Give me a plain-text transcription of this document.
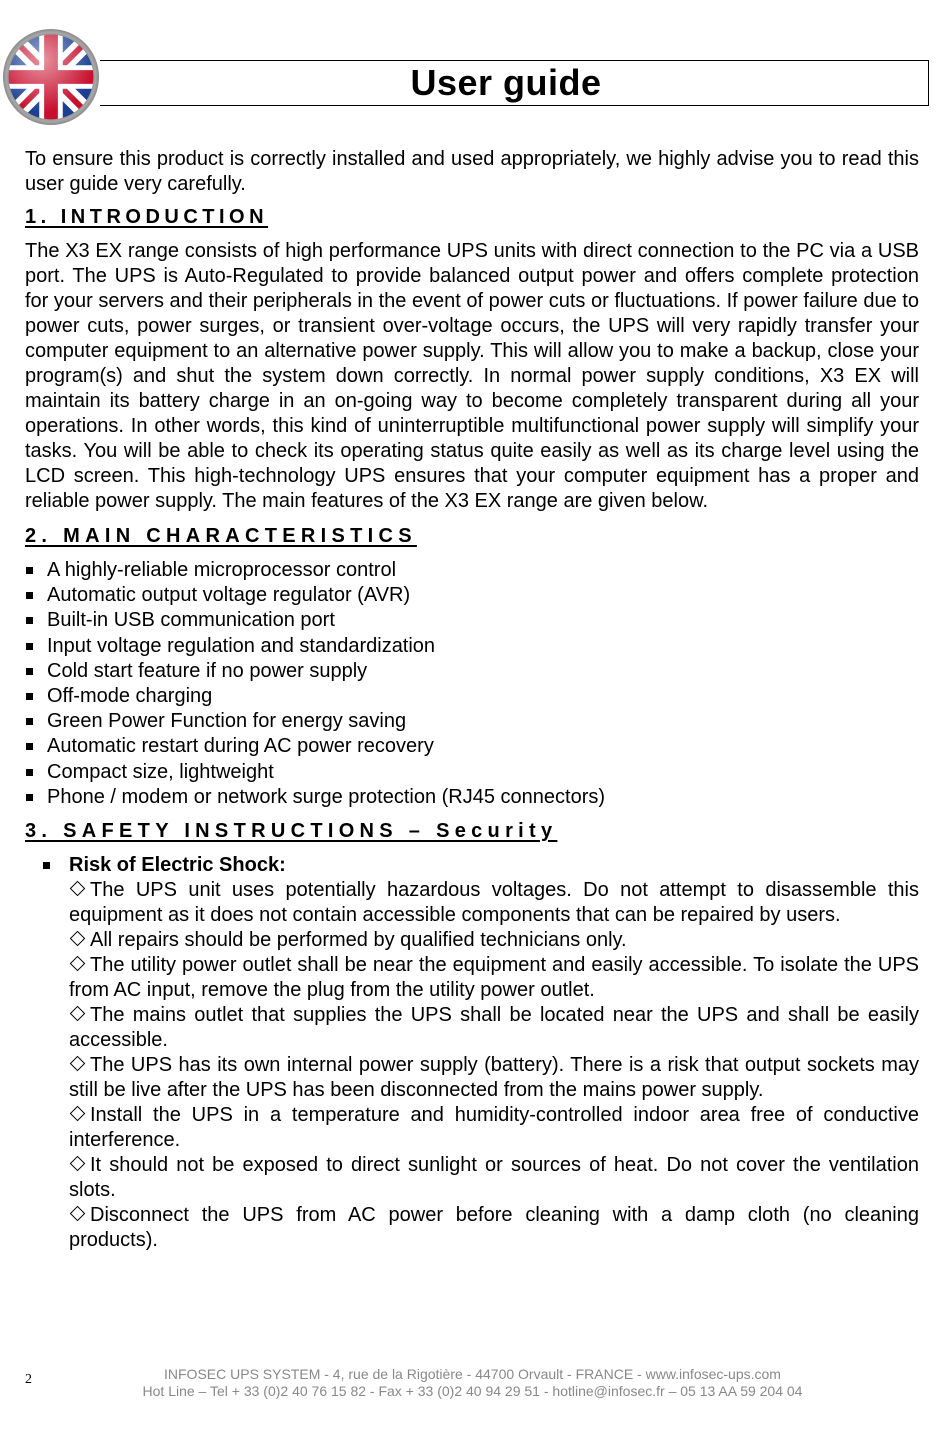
User guide

To ensure this product is correctly installed and used appropriately, we highly advise you to read this user guide very carefully.

1. INTRODUCTION

The X3 EX range consists of high performance UPS units with direct connection to the PC via a USB port. The UPS is Auto-Regulated to provide balanced output power and offers complete protection for your servers and their peripherals in the event of power cuts or fluctuations. If power failure due to power cuts, power surges, or transient over-voltage occurs, the UPS will very rapidly transfer your computer equipment to an alternative power supply. This will allow you to make a backup, close your program(s) and shut the system down correctly. In normal power supply conditions, X3 EX will maintain its battery charge in an on-going way to become completely transparent during all your operations. In other words, this kind of uninterruptible multifunctional power supply will simplify your tasks. You will be able to check its operating status quite easily as well as its charge level using the LCD screen. This high-technology UPS ensures that your computer equipment has a proper and reliable power supply. The main features of the X3 EX range are given below.

2. MAIN CHARACTERISTICS
A highly-reliable microprocessor control
Automatic output voltage regulator (AVR)
Built-in USB communication port
Input voltage regulation and standardization
Cold start feature if no power supply
Off-mode charging
Green Power Function for energy saving
Automatic restart during AC power recovery
Compact size, lightweight
Phone / modem or network surge protection (RJ45 connectors)
3. SAFETY INSTRUCTIONS – Security
Risk of Electric Shock:

The UPS unit uses potentially hazardous voltages. Do not attempt to disassemble this equipment as it does not contain accessible components that can be repaired by users.

All repairs should be performed by qualified technicians only.

The utility power outlet shall be near the equipment and easily accessible. To isolate the UPS from AC input, remove the plug from the utility power outlet.

The mains outlet that supplies the UPS shall be located near the UPS and shall be easily accessible.

The UPS has its own internal power supply (battery). There is a risk that output sockets may still be live after the UPS has been disconnected from the mains power supply.

Install the UPS in a temperature and humidity-controlled indoor area free of conductive interference.

It should not be exposed to direct sunlight or sources of heat. Do not cover the ventilation slots.

Disconnect the UPS from AC power before cleaning with a damp cloth (no cleaning products).

2	INFOSEC UPS SYSTEM - 4, rue de la Rigotière - 44700 Orvault - FRANCE - www.infosec-ups.com
Hot Line – Tel + 33 (0)2 40 76 15 82 - Fax + 33 (0)2 40 94 29 51 - hotline@infosec.fr – 05 13 AA 59 204 04
